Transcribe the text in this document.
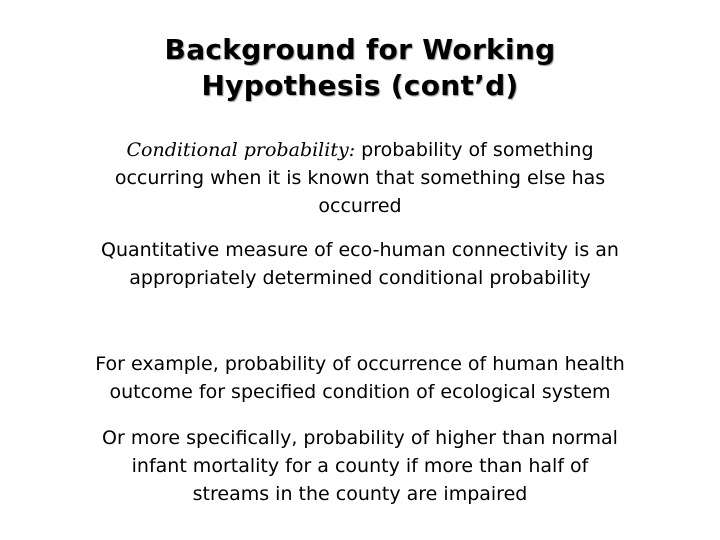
Background for Working
Hypothesis (cont’d)
Conditional probability: probability of something
occurring when it is known that something else has
occurred
Quantitative measure of eco-human connectivity is an
appropriately determined conditional probability
For example, probability of occurrence of human health
outcome for specified condition of ecological system
Or more specifically, probability of higher than normal
infant mortality for a county if more than half of
streams in the county are impaired
